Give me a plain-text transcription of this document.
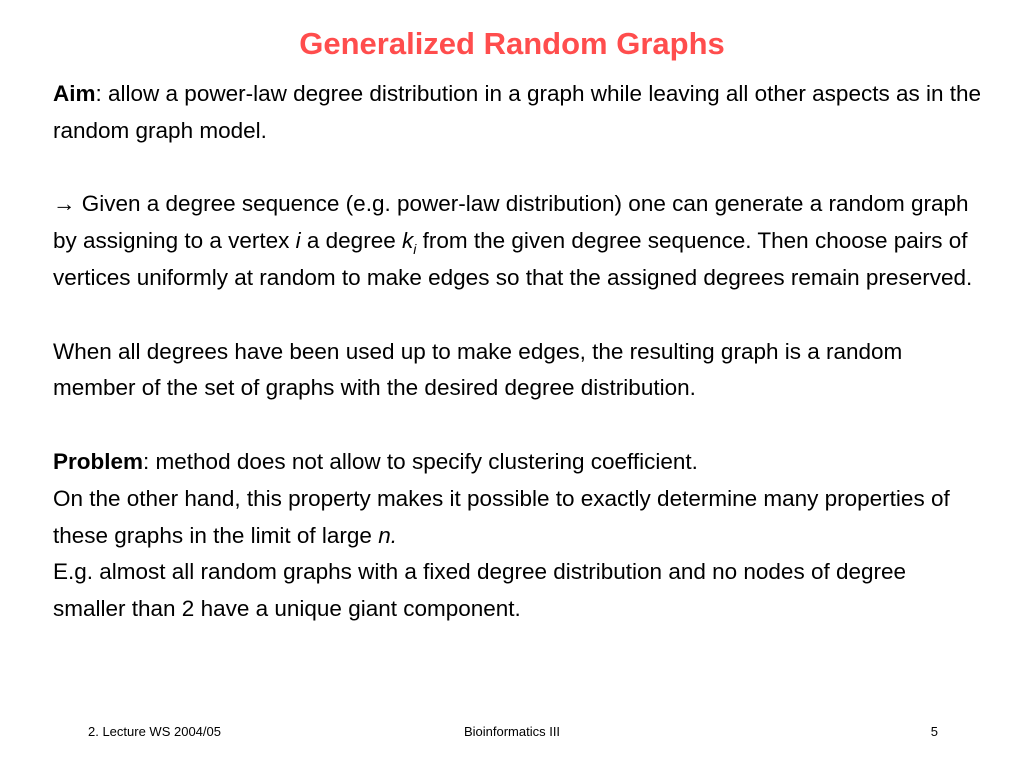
Generalized Random Graphs

Aim: allow a power-law degree distribution in a graph while leaving all other aspects as in the random graph model.

→ Given a degree sequence (e.g. power-law distribution) one can generate a random graph by assigning to a vertex i a degree $k_i$ from the given degree sequence. Then choose pairs of vertices uniformly at random to make edges so that the assigned degrees remain preserved.

When all degrees have been used up to make edges, the resulting graph is a random member of the set of graphs with the desired degree distribution.

Problem: method does not allow to specify clustering coefficient.

On the other hand, this property makes it possible to exactly determine many properties of these graphs in the limit of large n.

E.g. almost all random graphs with a fixed degree distribution and no nodes of degree smaller than 2 have a unique giant component.

2. Lecture WS 2004/05	Bioinformatics III	5
